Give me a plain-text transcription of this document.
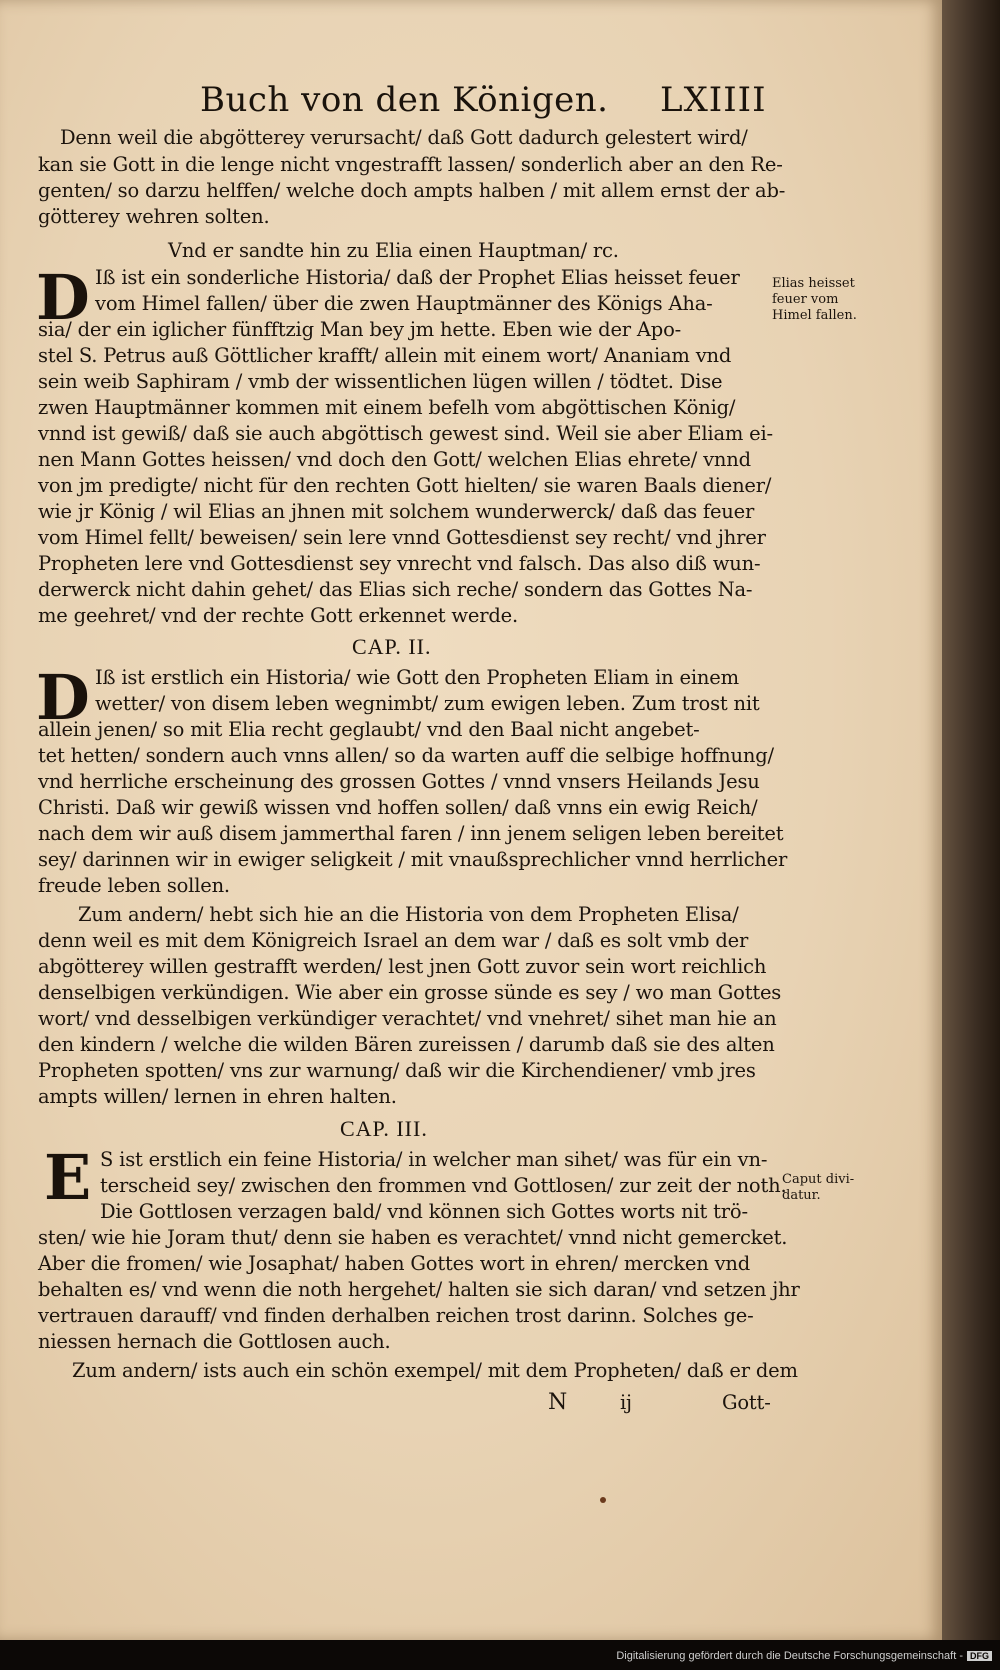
Buch von den Königen. LXIIII
Denn weil die abgötterey verursacht/ daß Gott dadurch gelestert wird/
kan sie Gott in die lenge nicht vngestrafft lassen/ sonderlich aber an den Re-
genten/ so darzu helffen/ welche doch ampts halben / mit allem ernst der ab-
götterey wehren solten.
Vnd er sandte hin zu Elia einen Hauptman/ rc.
D Iß ist ein sonderliche Historia/ daß der Prophet Elias heisset feuer
vom Himel fallen/ über die zwen Hauptmänner des Königs Aha-
sia/ der ein iglicher fünfftzig Man bey jm hette. Eben wie der Apo-
stel S. Petrus auß Göttlicher krafft/ allein mit einem wort/ Ananiam vnd
sein weib Saphiram / vmb der wissentlichen lügen willen / tödtet. Dise
zwen Hauptmänner kommen mit einem befelh vom abgöttischen König/
vnnd ist gewiß/ daß sie auch abgöttisch gewest sind. Weil sie aber Eliam ei-
nen Mann Gottes heissen/ vnd doch den Gott/ welchen Elias ehrete/ vnnd
von jm predigte/ nicht für den rechten Gott hielten/ sie waren Baals diener/
wie jr König / wil Elias an jhnen mit solchem wunderwerck/ daß das feuer
vom Himel fellt/ beweisen/ sein lere vnnd Gottesdienst sey recht/ vnd jhrer
Propheten lere vnd Gottesdienst sey vnrecht vnd falsch. Das also diß wun-
derwerck nicht dahin gehet/ das Elias sich reche/ sondern das Gottes Na-
me geehret/ vnd der rechte Gott erkennet werde.
CAP. II.
D Iß ist erstlich ein Historia/ wie Gott den Propheten Eliam in einem
wetter/ von disem leben wegnimbt/ zum ewigen leben. Zum trost nit
allein jenen/ so mit Elia recht geglaubt/ vnd den Baal nicht angebet-
tet hetten/ sondern auch vnns allen/ so da warten auff die selbige hoffnung/
vnd herrliche erscheinung des grossen Gottes / vnnd vnsers Heilands Jesu
Christi. Daß wir gewiß wissen vnd hoffen sollen/ daß vnns ein ewig Reich/
nach dem wir auß disem jammerthal faren / inn jenem seligen leben bereitet
sey/ darinnen wir in ewiger seligkeit / mit vnaußsprechlicher vnnd herrlicher
freude leben sollen.
Zum andern/ hebt sich hie an die Historia von dem Propheten Elisa/
denn weil es mit dem Königreich Israel an dem war / daß es solt vmb der
abgötterey willen gestrafft werden/ lest jnen Gott zuvor sein wort reichlich
denselbigen verkündigen. Wie aber ein grosse sünde es sey / wo man Gottes
wort/ vnd desselbigen verkündiger verachtet/ vnd vnehret/ sihet man hie an
den kindern / welche die wilden Bären zureissen / darumb daß sie des alten
Propheten spotten/ vns zur warnung/ daß wir die Kirchendiener/ vmb jres
ampts willen/ lernen in ehren halten.
CAP. III.
E S ist erstlich ein feine Historia/ in welcher man sihet/ was für ein vn-
terscheid sey/ zwischen den frommen vnd Gottlosen/ zur zeit der noth.
Die Gottlosen verzagen bald/ vnd können sich Gottes worts nit trö-
sten/ wie hie Joram thut/ denn sie haben es verachtet/ vnnd nicht gemercket.
Aber die fromen/ wie Josaphat/ haben Gottes wort in ehren/ mercken vnd
behalten es/ vnd wenn die noth hergehet/ halten sie sich daran/ vnd setzen jhr
vertrauen darauff/ vnd finden derhalben reichen trost darinn. Solches ge-
niessen hernach die Gottlosen auch.
Zum andern/ ists auch ein schön exempel/ mit dem Propheten/ daß er dem
N	ij	Gott-
Elias heisset
feuer vom
Himel fallen.
Caput divi-
datur.
Digitalisierung gefördert durch die Deutsche Forschungsgemeinschaft - DFG
